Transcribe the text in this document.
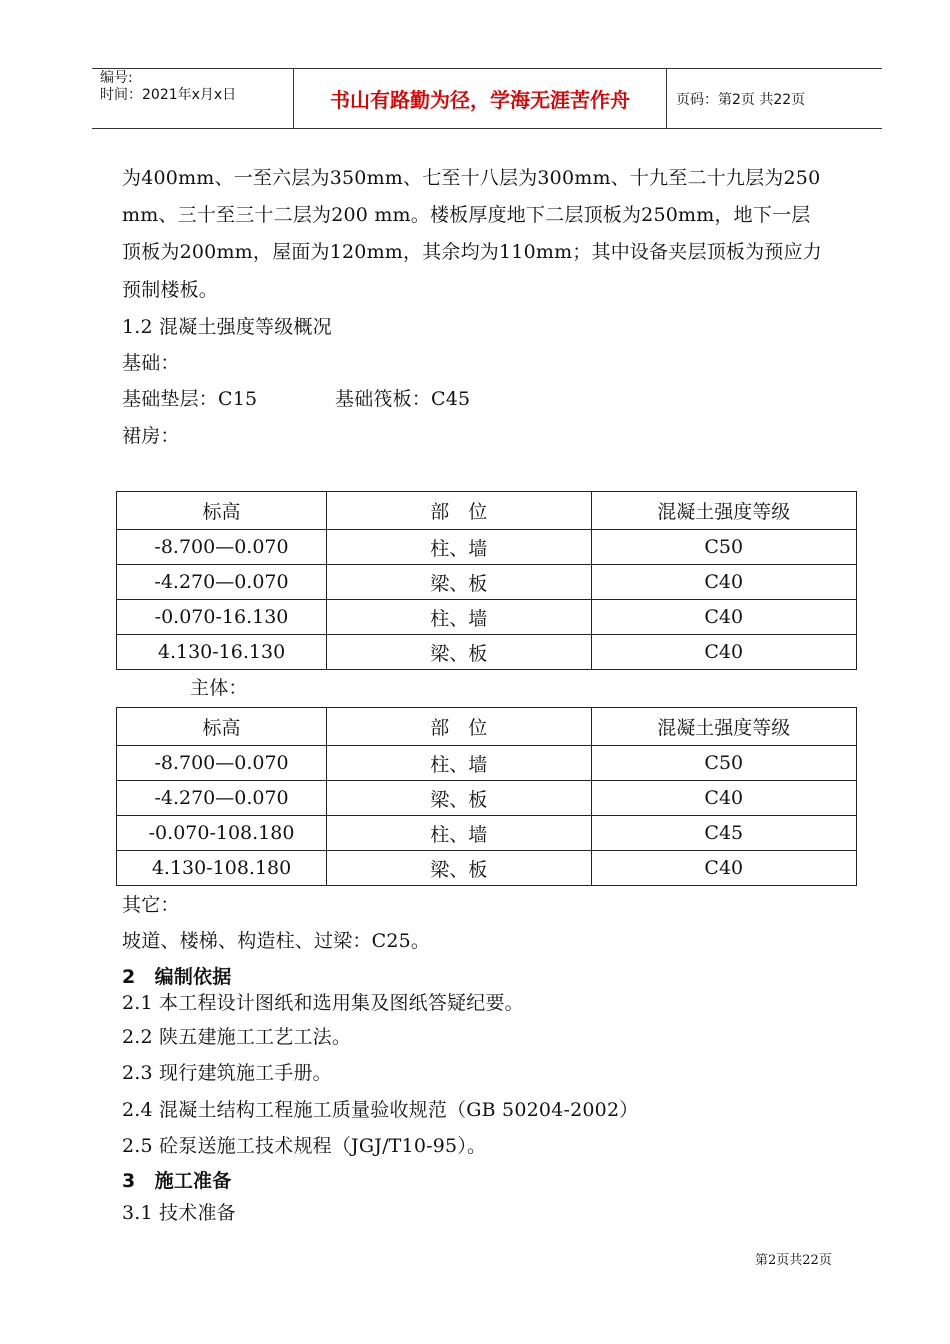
编号:
时间：2021年x月x日	书山有路勤为径，学海无涯苦作舟	页码：第2页 共22页
为400mm、一至六层为350mm、七至十八层为300mm、十九至二十九层为250
mm、三十至三十二层为200 mm。楼板厚度地下二层顶板为250mm，地下一层
顶板为200mm，屋面为120mm，其余均为110mm；其中设备夹层顶板为预应力
预制楼板。
1.2 混凝土强度等级概况
基础：
基础垫层：C15	基础筏板：C45
裙房：
标高	部　位	混凝土强度等级
-8.700—0.070	柱、墙	C50
-4.270—0.070	梁、板	C40
-0.070-16.130	柱、墙	C40
4.130-16.130	梁、板	C40
主体：
标高	部　位	混凝土强度等级
-8.700—0.070	柱、墙	C50
-4.270—0.070	梁、板	C40
-0.070-108.180	柱、墙	C45
4.130-108.180	梁、板	C40
其它：
坡道、楼梯、构造柱、过梁：C25。
2　编制依据
2.1 本工程设计图纸和选用集及图纸答疑纪要。
2.2 陕五建施工工艺工法。
2.3 现行建筑施工手册。
2.4 混凝土结构工程施工质量验收规范（GB 50204-2002）
2.5 砼泵送施工技术规程（JGJ/T10-95）。
3　施工准备
3.1 技术准备
第2页共22页
